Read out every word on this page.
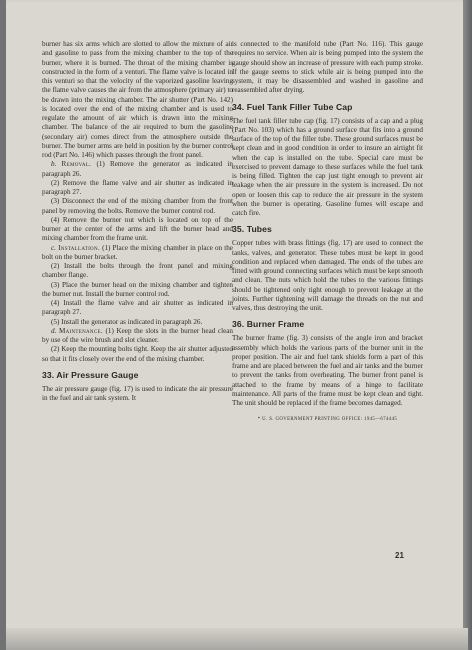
burner has six arms which are slotted to allow the mixture of air and gasoline to pass from the mixing chamber to the top of the burner, where it is burned. The throat of the mixing chamber is constructed in the form of a venturi. The flame valve is located in this venturi so that the velocity of the vaporized gasoline leaving the flame valve causes the air from the atmosphere (primary air) to be drawn into the mixing chamber. The air shutter (Part No. 142) is located over the end of the mixing chamber and is used to regulate the amount of air which is drawn into the mixing chamber. The balance of the air required to burn the gasoline (secondary air) comes direct from the atmosphere outside the burner. The burner arms are held in position by the burner control rod (Part No. 146) which passes through the front panel.

b. Removal. (1) Remove the generator as indicated in paragraph 26.

(2) Remove the flame valve and air shutter as indicated in paragraph 27.

(3) Disconnect the end of the mixing chamber from the front panel by removing the bolts. Remove the burner control rod.

(4) Remove the burner nut which is located on top of the burner at the center of the arms and lift the burner head and mixing chamber from the frame unit.

c. Installation. (1) Place the mixing chamber in place on the bolt on the burner bracket.

(2) Install the bolts through the front panel and mixing chamber flange.

(3) Place the burner head on the mixing chamber and tighten the burner nut. Install the burner control rod.

(4) Install the flame valve and air shutter as indicated in paragraph 27.

(5) Install the generator as indicated in paragraph 26.

d. Maintenance. (1) Keep the slots in the burner head clean by use of the wire brush and slot cleaner.

(2) Keep the mounting bolts tight. Keep the air shutter adjusted so that it fits closely over the end of the mixing chamber.

33. Air Pressure Gauge

The air pressure gauge (fig. 17) is used to indicate the air pressure in the fuel and air tank system. It

is connected to the manifold tube (Part No. 116). This gauge requires no service. When air is being pumped into the system the gauge should show an increase of pressure with each pump stroke. If the gauge seems to stick while air is being pumped into the system, it may be disassembled and washed in gasoline and reassembled after drying.

34. Fuel Tank Filler Tube Cap

The fuel tank filler tube cap (fig. 17) consists of a cap and a plug (Part No. 103) which has a ground surface that fits into a ground surface of the top of the filler tube. These ground surfaces must be kept clean and in good condition in order to insure an airtight fit when the cap is installed on the tube. Special care must be exercised to prevent damage to these surfaces while the fuel tank is being filled. Tighten the cap just tight enough to prevent air leakage when the air pressure in the system is increased. Do not open or loosen this cap to reduce the air pressure in the system when the burner is operating. Gasoline fumes will escape and catch fire.

35. Tubes

Copper tubes with brass fittings (fig. 17) are used to connect the tanks, valves, and generator. These tubes must be kept in good condition and replaced when damaged. The ends of the tubes are fitted with ground connecting surfaces which must be kept smooth and clean. The nuts which hold the tubes to the various fittings should be tightened only tight enough to prevent leakage at the joints. Further tightening will damage the threads on the nut and valves, thus destroying the unit.

36. Burner Frame

The burner frame (fig. 3) consists of the angle iron and bracket assembly which holds the various parts of the burner unit in the proper position. The air and fuel tank shields form a part of this frame and are placed between the fuel and air tanks and the burner to prevent the tanks from overheating. The burner front panel is attached to the frame by means of a hinge to facilitate maintenance. All parts of the frame must be kept clean and tight. The unit should be replaced if the frame becomes damaged.

* U. S. GOVERNMENT PRINTING OFFICE: 1945—674445
21
